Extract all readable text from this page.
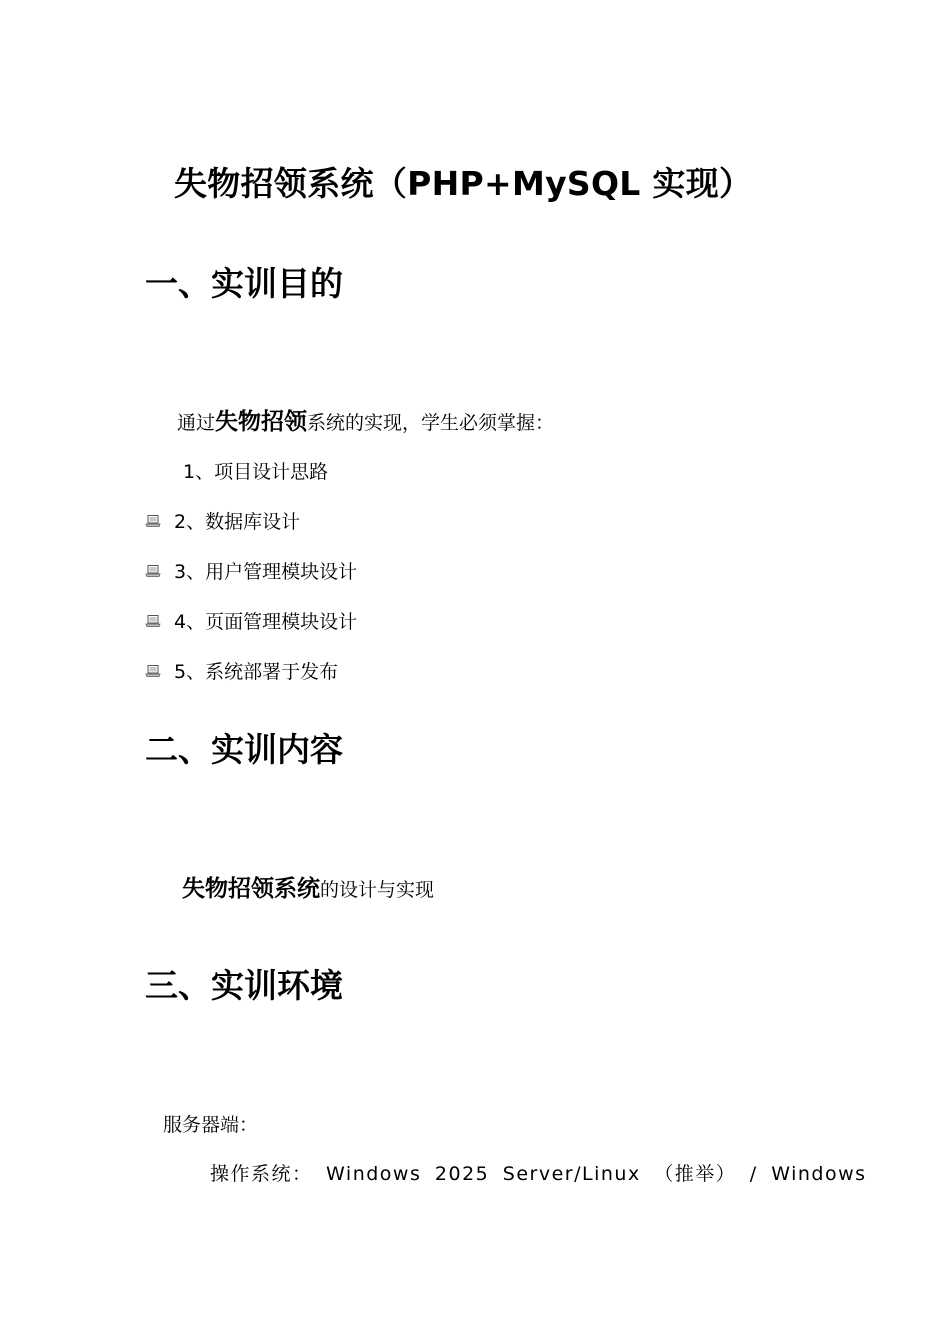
失物招领系统（PHP+MySQL 实现）
一、实训目的
通过失物招领系统的实现，学生必须掌握：
1、项目设计思路
2、数据库设计
3、用户管理模块设计
4、页面管理模块设计
5、系统部署于发布
二、实训内容
失物招领系统的设计与实现
三、实训环境
服务器端：
操作系统： Windows 2025 Server/Linux （推举） / Windows
